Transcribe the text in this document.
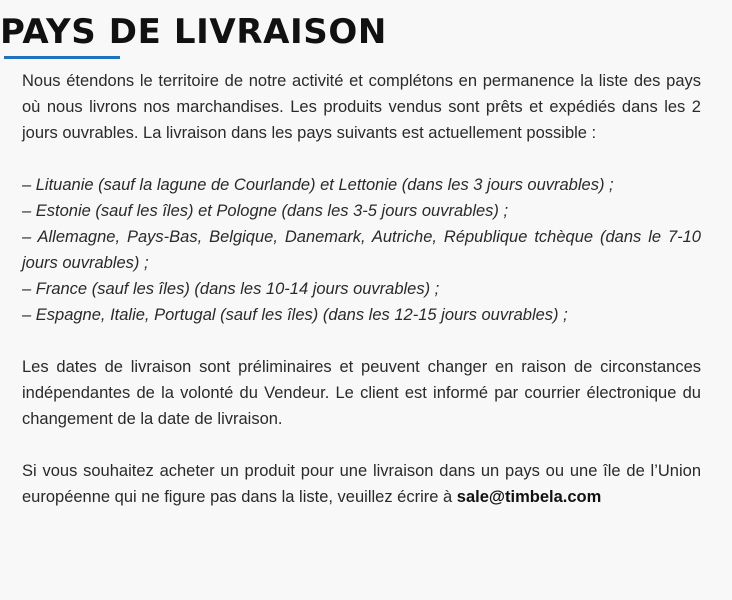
PAYS DE LIVRAISON

Nous étendons le territoire de notre activité et complétons en permanence la liste des pays où nous livrons nos marchandises. Les produits vendus sont prêts et expédiés dans les 2 jours ouvrables. La livraison dans les pays suivants est actuellement possible :

– Lituanie (sauf la lagune de Courlande) et Lettonie (dans les 3 jours ouvrables) ;
– Estonie (sauf les îles) et Pologne (dans les 3-5 jours ouvrables) ;
– Allemagne, Pays-Bas, Belgique, Danemark, Autriche, République tchèque (dans le 7-10 jours ouvrables) ;
– France (sauf les îles) (dans les 10-14 jours ouvrables) ;
– Espagne, Italie, Portugal (sauf les îles) (dans les 12-15 jours ouvrables) ;

Les dates de livraison sont préliminaires et peuvent changer en raison de circonstances indépendantes de la volonté du Vendeur. Le client est informé par courrier électronique du changement de la date de livraison.

Si vous souhaitez acheter un produit pour une livraison dans un pays ou une île de l’Union européenne qui ne figure pas dans la liste, veuillez écrire à sale@timbela.com
